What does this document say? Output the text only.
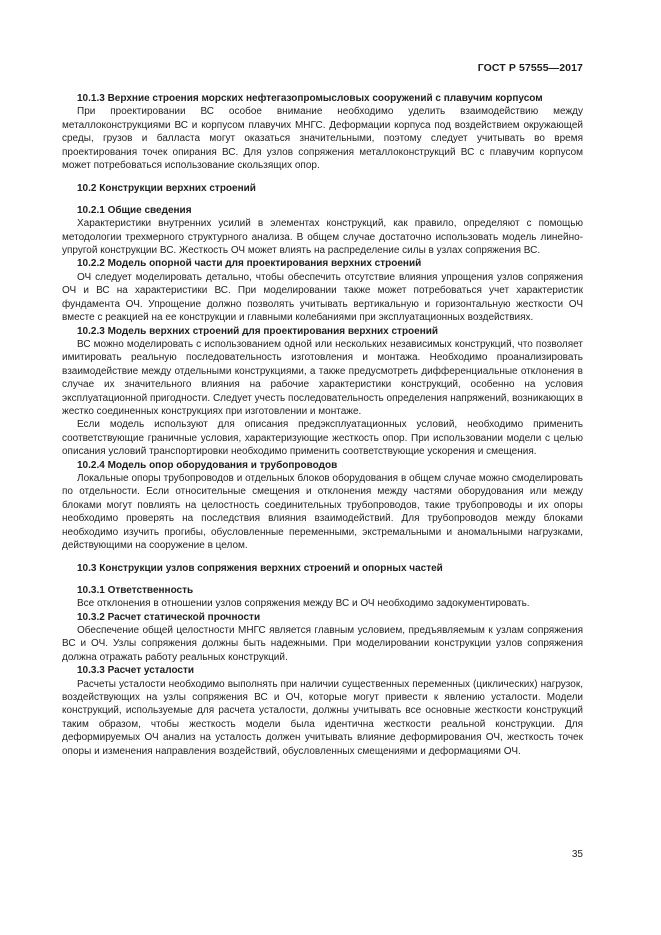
ГОСТ Р 57555—2017

10.1.3 Верхние строения морских нефтегазопромысловых сооружений с плавучим корпусом

При проектировании ВС особое внимание необходимо уделить взаимодействию между металлоконструкциями ВС и корпусом плавучих МНГС. Деформации корпуса под воздействием окружающей среды, грузов и балласта могут оказаться значительными, поэтому следует учитывать во время проектирования точек опирания ВС. Для узлов сопряжения металлоконструкций ВС с плавучим корпусом может потребоваться использование скользящих опор.

10.2 Конструкции верхних строений

10.2.1 Общие сведения

Характеристики внутренних усилий в элементах конструкций, как правило, определяют с помощью методологии трехмерного структурного анализа. В общем случае достаточно использовать модель линейно-упругой конструкции ВС. Жесткость ОЧ может влиять на распределение силы в узлах сопряжения ВС.

10.2.2 Модель опорной части для проектирования верхних строений

ОЧ следует моделировать детально, чтобы обеспечить отсутствие влияния упрощения узлов сопряжения ОЧ и ВС на характеристики ВС. При моделировании также может потребоваться учет характеристик фундамента ОЧ. Упрощение должно позволять учитывать вертикальную и горизонтальную жесткости ОЧ вместе с реакцией на ее конструкции и главными колебаниями при эксплуатационных воздействиях.

10.2.3 Модель верхних строений для проектирования верхних строений

ВС можно моделировать с использованием одной или нескольких независимых конструкций, что позволяет имитировать реальную последовательность изготовления и монтажа. Необходимо проанализировать взаимодействие между отдельными конструкциями, а также предусмотреть дифференциальные отклонения в случае их значительного влияния на рабочие характеристики конструкций, особенно на условия эксплуатационной пригодности. Следует учесть последовательность определения напряжений, возникающих в жестко соединенных конструкциях при изготовлении и монтаже.

Если модель используют для описания предэксплуатационных условий, необходимо применить соответствующие граничные условия, характеризующие жесткость опор. При использовании модели с целью описания условий транспортировки необходимо применить соответствующие ускорения и смещения.

10.2.4 Модель опор оборудования и трубопроводов

Локальные опоры трубопроводов и отдельных блоков оборудования в общем случае можно смоделировать по отдельности. Если относительные смещения и отклонения между частями оборудования или между блоками могут повлиять на целостность соединительных трубопроводов, такие трубопроводы и их опоры необходимо проверять на последствия влияния взаимодействий. Для трубопроводов между блоками необходимо изучить прогибы, обусловленные переменными, экстремальными и аномальными нагрузками, действующими на сооружение в целом.

10.3 Конструкции узлов сопряжения верхних строений и опорных частей

10.3.1 Ответственность

Все отклонения в отношении узлов сопряжения между ВС и ОЧ необходимо задокументировать.

10.3.2 Расчет статической прочности

Обеспечение общей целостности МНГС является главным условием, предъявляемым к узлам сопряжения ВС и ОЧ. Узлы сопряжения должны быть надежными. При моделировании конструкции узлов сопряжения должна отражать работу реальных конструкций.

10.3.3 Расчет усталости

Расчеты усталости необходимо выполнять при наличии существенных переменных (циклических) нагрузок, воздействующих на узлы сопряжения ВС и ОЧ, которые могут привести к явлению усталости. Модели конструкций, используемые для расчета усталости, должны учитывать все основные жесткости конструкций таким образом, чтобы жесткость модели была идентична жесткости реальной конструкции. Для деформируемых ОЧ анализ на усталость должен учитывать влияние деформирования ОЧ, жесткость точек опоры и изменения направления воздействий, обусловленных смещениями и деформациями ОЧ.

35
